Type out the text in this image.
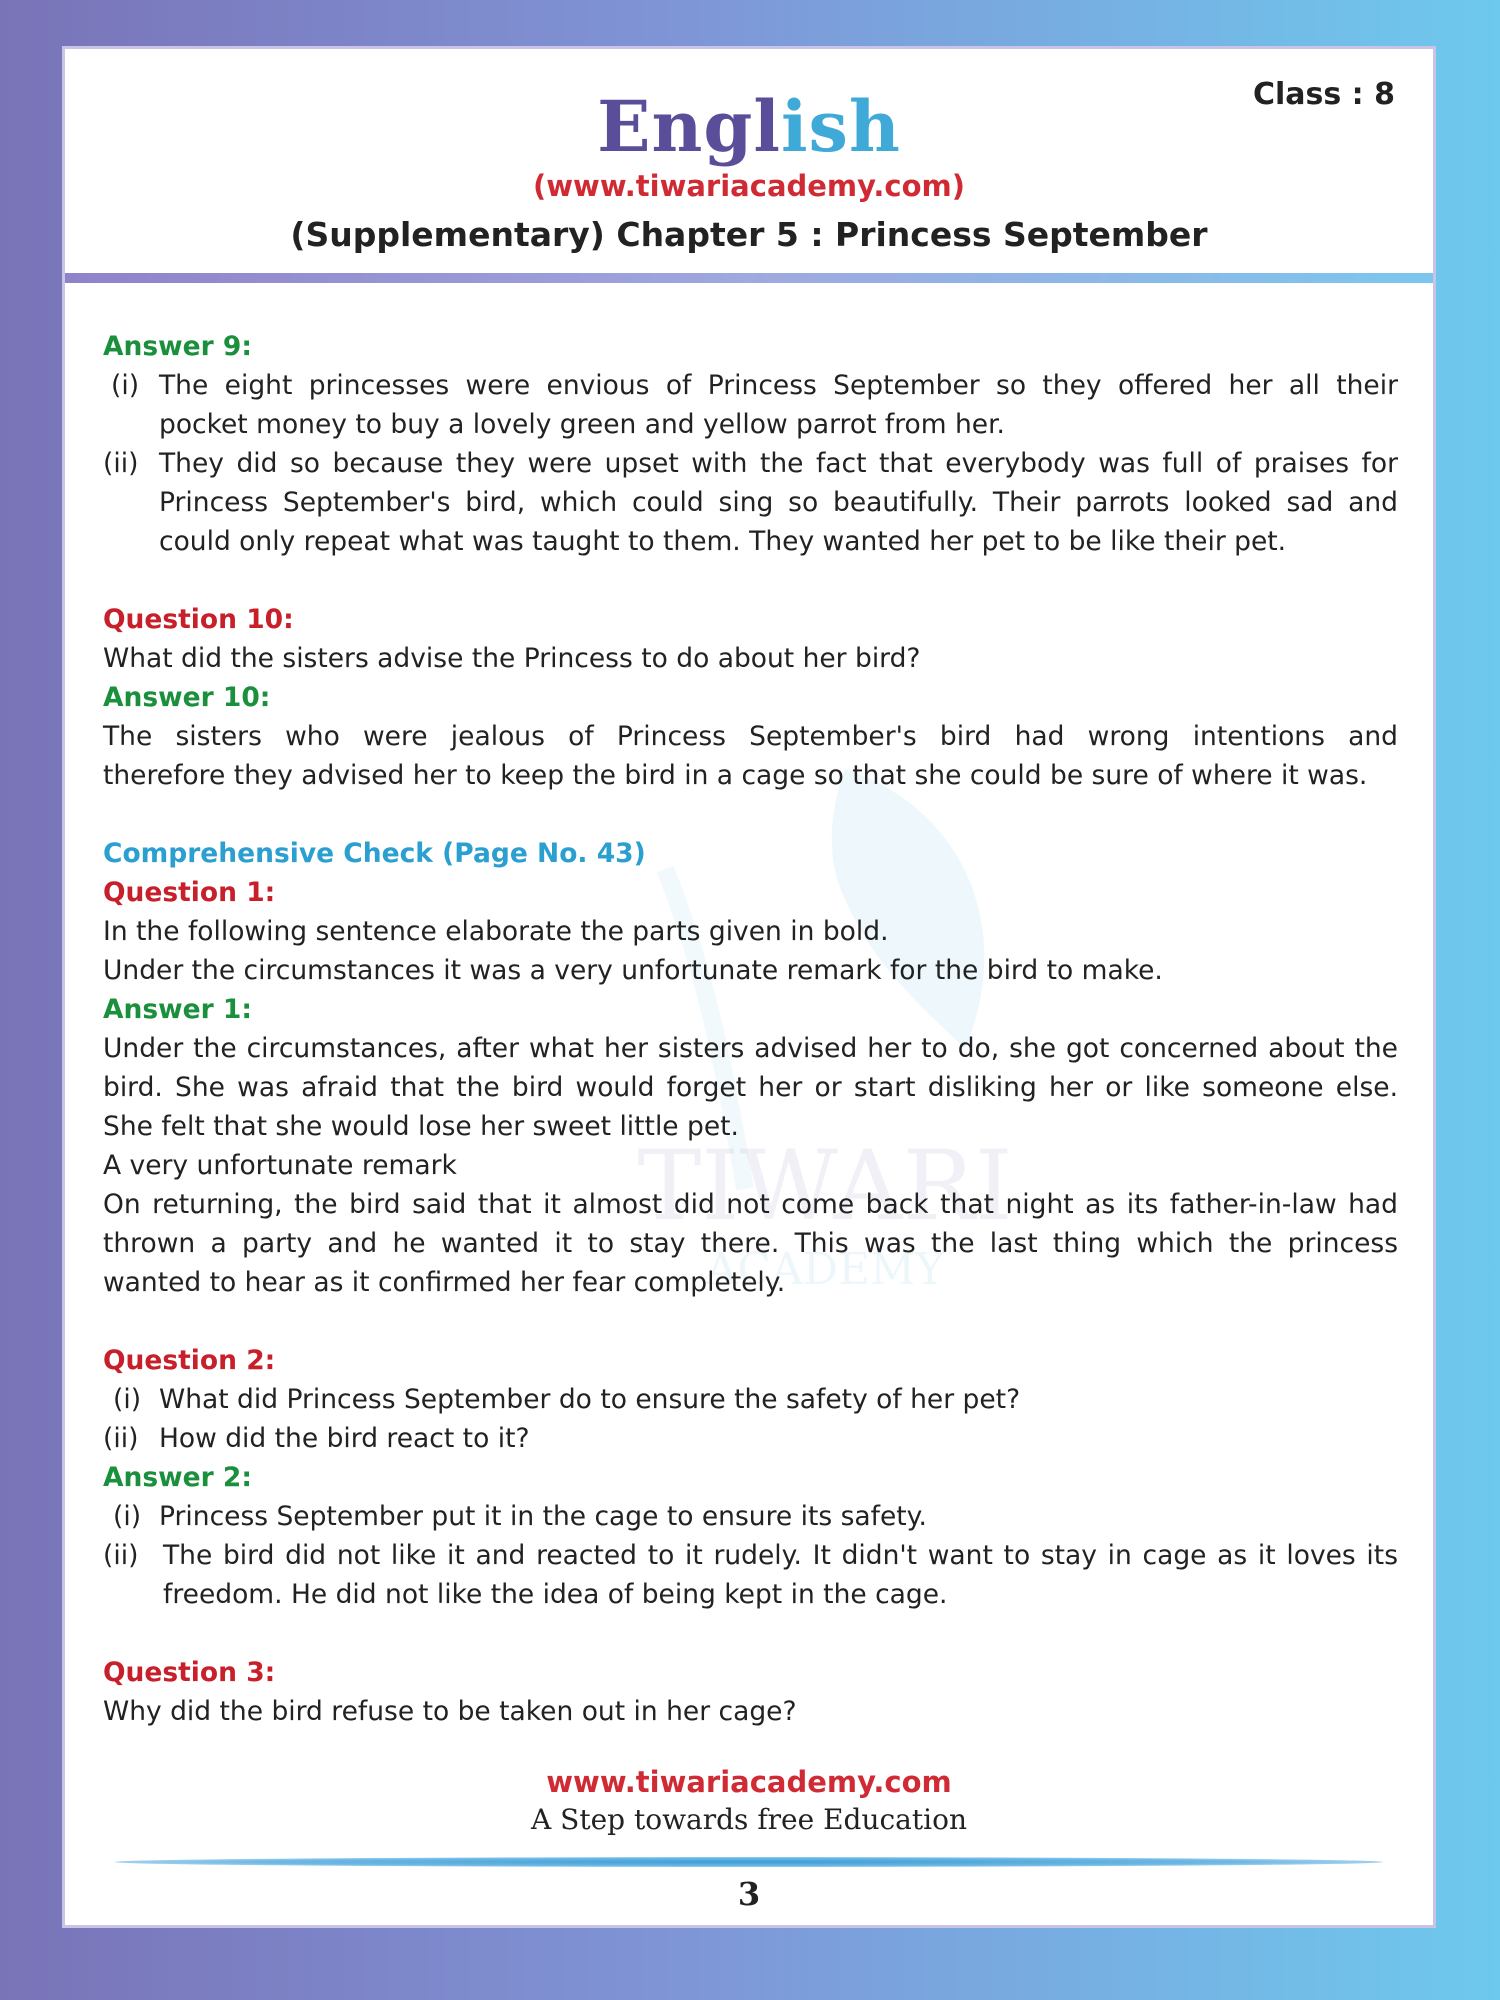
Class : 8
English
(www.tiwariacademy.com)
(Supplementary) Chapter 5 : Princess September
TIWARI
ACADEMY
Answer 9:
(i) The eight princesses were envious of Princess September so they offered her all their
pocket money to buy a lovely green and yellow parrot from her.
(ii) They did so because they were upset with the fact that everybody was full of praises for
Princess September's bird, which could sing so beautifully. Their parrots looked sad and
could only repeat what was taught to them. They wanted her pet to be like their pet.
Question 10:
What did the sisters advise the Princess to do about her bird?
Answer 10:
The sisters who were jealous of Princess September's bird had wrong intentions and
therefore they advised her to keep the bird in a cage so that she could be sure of where it was.
Comprehensive Check (Page No. 43)
Question 1:
In the following sentence elaborate the parts given in bold.
Under the circumstances it was a very unfortunate remark for the bird to make.
Answer 1:
Under the circumstances, after what her sisters advised her to do, she got concerned about the
bird. She was afraid that the bird would forget her or start disliking her or like someone else.
She felt that she would lose her sweet little pet.
A very unfortunate remark
On returning, the bird said that it almost did not come back that night as its father-in-law had
thrown a party and he wanted it to stay there. This was the last thing which the princess
wanted to hear as it confirmed her fear completely.
Question 2:
(i) What did Princess September do to ensure the safety of her pet?
(ii) How did the bird react to it?
Answer 2:
(i) Princess September put it in the cage to ensure its safety.
(ii) The bird did not like it and reacted to it rudely. It didn't want to stay in cage as it loves its
freedom. He did not like the idea of being kept in the cage.
Question 3:
Why did the bird refuse to be taken out in her cage?
www.tiwariacademy.com
A Step towards free Education
3
